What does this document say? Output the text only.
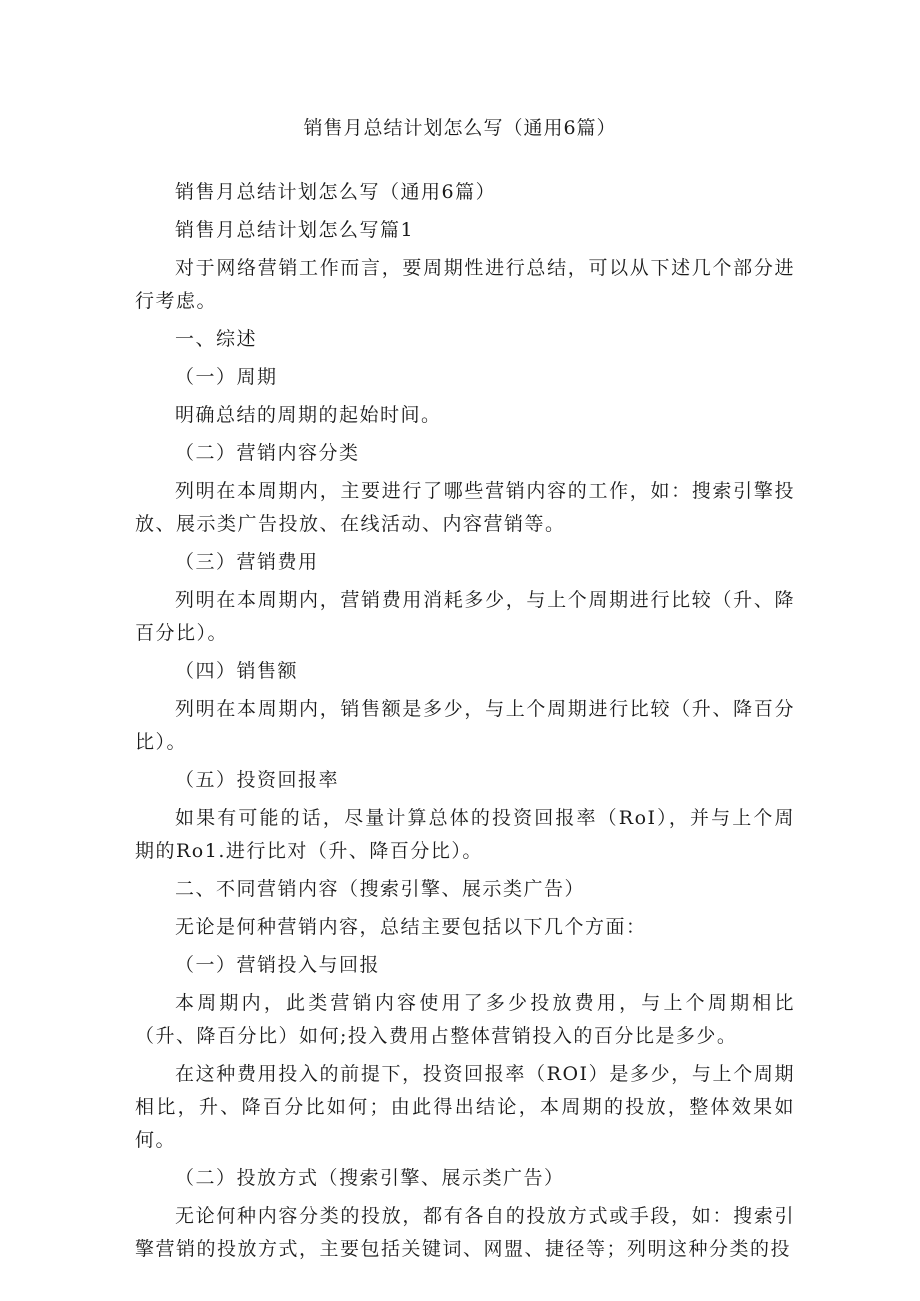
销售月总结计划怎么写（通用6篇）

销售月总结计划怎么写（通用6篇）

销售月总结计划怎么写篇1

对于网络营销工作而言，要周期性进行总结，可以从下述几个部分进行考虑。

一、综述

（一）周期

明确总结的周期的起始时间。

（二）营销内容分类

列明在本周期内，主要进行了哪些营销内容的工作，如：搜索引擎投放、展示类广告投放、在线活动、内容营销等。

（三）营销费用

列明在本周期内，营销费用消耗多少，与上个周期进行比较（升、降百分比）。

（四）销售额

列明在本周期内，销售额是多少，与上个周期进行比较（升、降百分比）。

（五）投资回报率

如果有可能的话，尽量计算总体的投资回报率（RoI），并与上个周期的Ro1.进行比对（升、降百分比）。

二、不同营销内容（搜索引擎、展示类广告）

无论是何种营销内容，总结主要包括以下几个方面：

（一）营销投入与回报

本周期内，此类营销内容使用了多少投放费用，与上个周期相比（升、降百分比）如何;投入费用占整体营销投入的百分比是多少。

在这种费用投入的前提下，投资回报率（ROI）是多少，与上个周期相比，升、降百分比如何；由此得出结论，本周期的投放，整体效果如何。

（二）投放方式（搜索引擎、展示类广告）

无论何种内容分类的投放，都有各自的投放方式或手段，如：搜索引擎营销的投放方式，主要包括关键词、网盟、捷径等；列明这种分类的投
